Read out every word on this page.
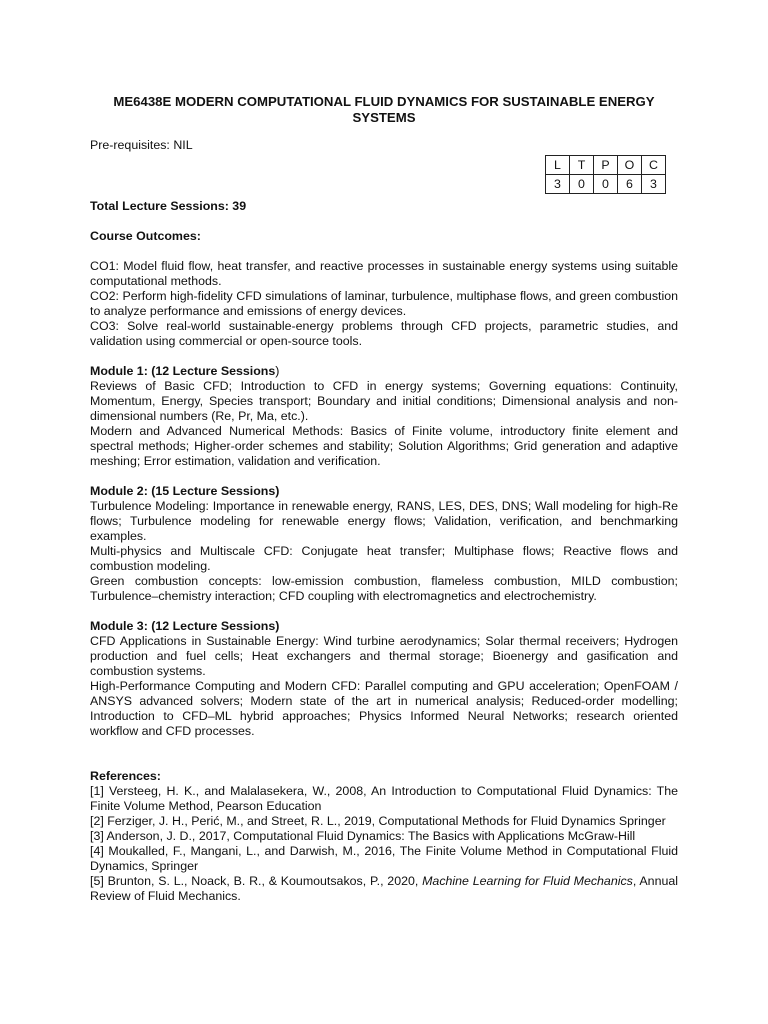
ME6438E MODERN COMPUTATIONAL FLUID DYNAMICS FOR SUSTAINABLE ENERGY SYSTEMS
Pre-requisites: NIL
L	T	P	O	C
3	0	0	6	3

Total Lecture Sessions: 39

Course Outcomes:

CO1: Model fluid flow, heat transfer, and reactive processes in sustainable energy systems using suitable computational methods.

CO2: Perform high-fidelity CFD simulations of laminar, turbulence, multiphase flows, and green combustion to analyze performance and emissions of energy devices.

CO3: Solve real-world sustainable-energy problems through CFD projects, parametric studies, and validation using commercial or open-source tools.

Module 1: (12 Lecture Sessions)

Reviews of Basic CFD; Introduction to CFD in energy systems; Governing equations: Continuity, Momentum, Energy, Species transport; Boundary and initial conditions; Dimensional analysis and non-dimensional numbers (Re, Pr, Ma, etc.).

Modern and Advanced Numerical Methods: Basics of Finite volume, introductory finite element and spectral methods; Higher-order schemes and stability; Solution Algorithms; Grid generation and adaptive meshing; Error estimation, validation and verification.

Module 2: (15 Lecture Sessions)

Turbulence Modeling: Importance in renewable energy, RANS, LES, DES, DNS; Wall modeling for high-Re flows; Turbulence modeling for renewable energy flows; Validation, verification, and benchmarking examples.

Multi-physics and Multiscale CFD: Conjugate heat transfer; Multiphase flows; Reactive flows and combustion modeling.

Green combustion concepts: low-emission combustion, flameless combustion, MILD combustion; Turbulence–chemistry interaction; CFD coupling with electromagnetics and electrochemistry.

Module 3: (12 Lecture Sessions)

CFD Applications in Sustainable Energy: Wind turbine aerodynamics; Solar thermal receivers; Hydrogen production and fuel cells; Heat exchangers and thermal storage; Bioenergy and gasification and combustion systems.

High-Performance Computing and Modern CFD: Parallel computing and GPU acceleration; OpenFOAM / ANSYS advanced solvers; Modern state of the art in numerical analysis; Reduced-order modelling; Introduction to CFD–ML hybrid approaches; Physics Informed Neural Networks; research oriented workflow and CFD processes.

References:

[1] Versteeg, H. K., and Malalasekera, W., 2008, An Introduction to Computational Fluid Dynamics: The Finite Volume Method, Pearson Education

[2] Ferziger, J. H., Perić, M., and Street, R. L., 2019, Computational Methods for Fluid Dynamics Springer

[3] Anderson, J. D., 2017, Computational Fluid Dynamics: The Basics with Applications McGraw-Hill

[4] Moukalled, F., Mangani, L., and Darwish, M., 2016, The Finite Volume Method in Computational Fluid Dynamics, Springer

[5] Brunton, S. L., Noack, B. R., & Koumoutsakos, P., 2020, Machine Learning for Fluid Mechanics, Annual Review of Fluid Mechanics.
